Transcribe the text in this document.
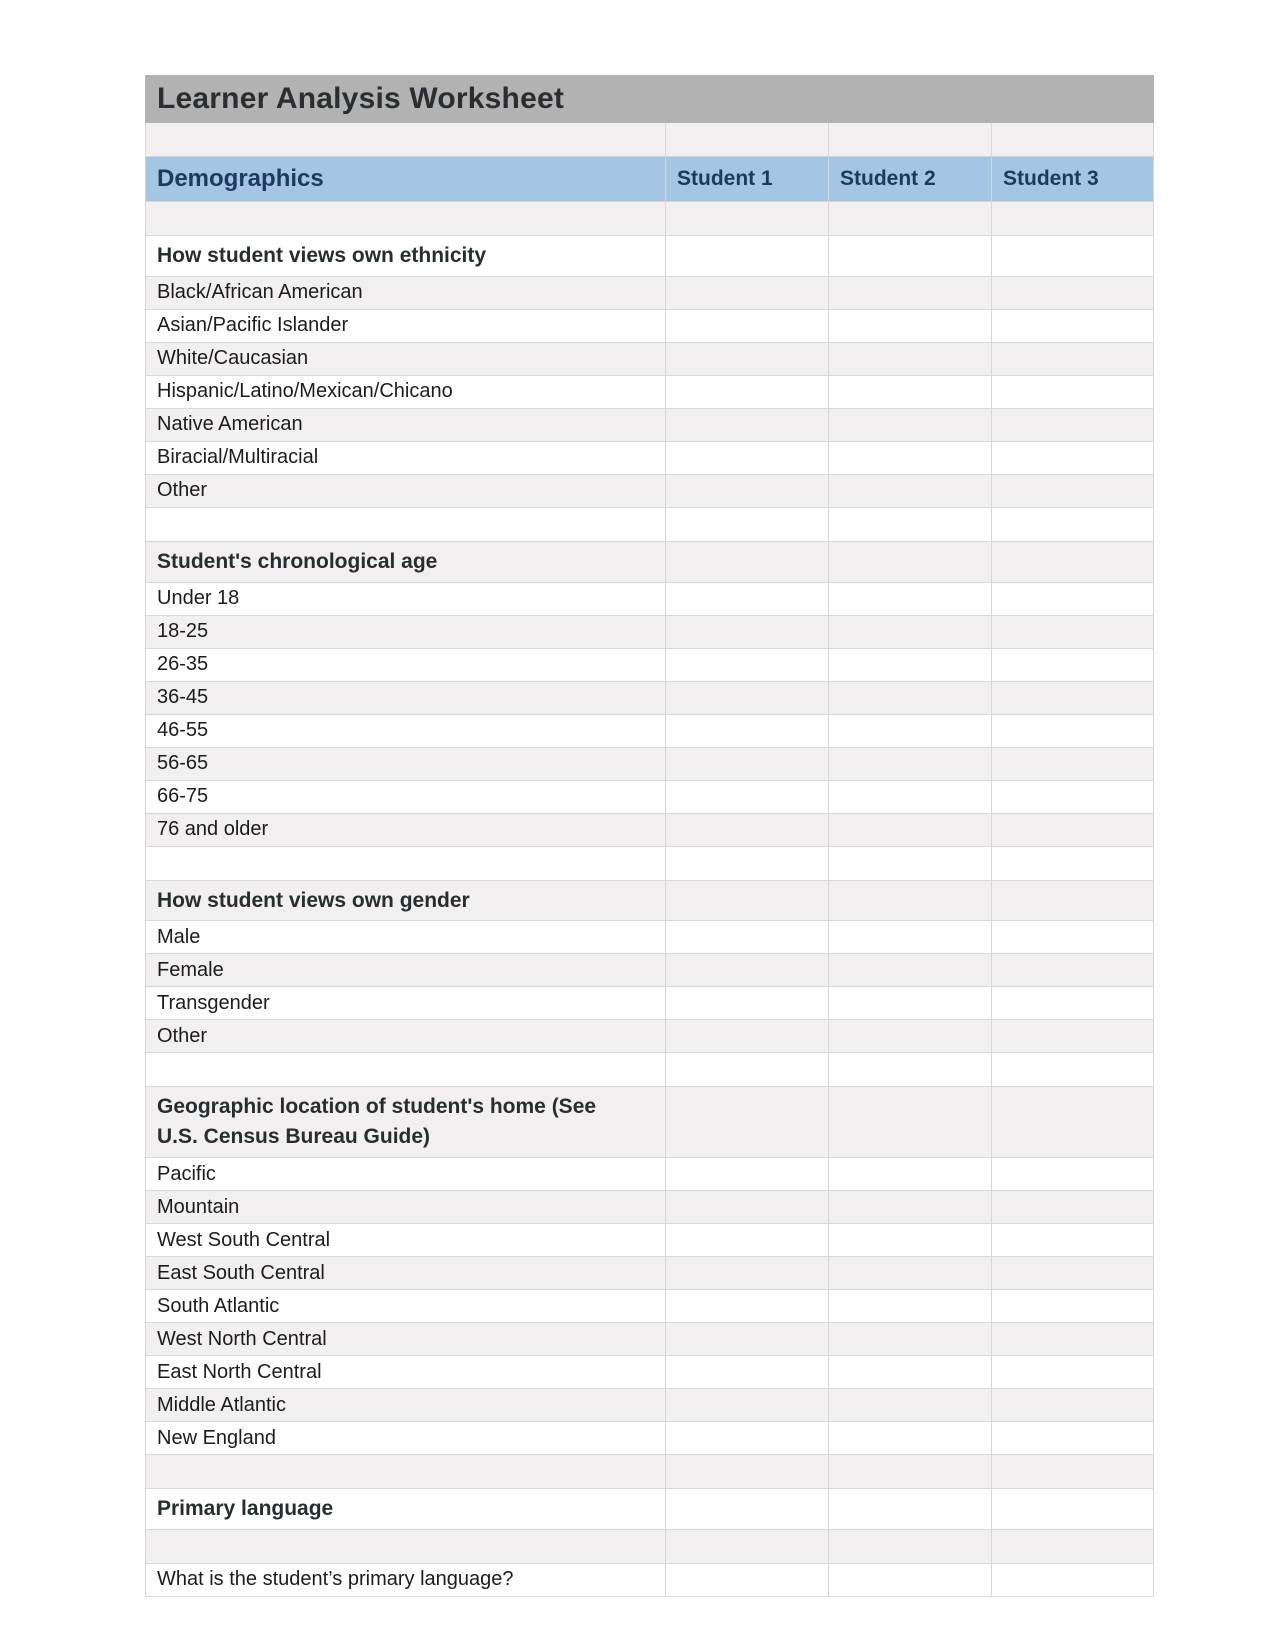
Learner Analysis Worksheet			

Demographics	Student 1	Student 2	Student 3

How student views own ethnicity			

Black/African American			

Asian/Pacific Islander			

White/Caucasian			

Hispanic/Latino/Mexican/Chicano			

Native American			

Biracial/Multiracial			

Other			

Student's chronological age			

Under 18			

18-25			

26-35			

36-45			

46-55			

56-65			

66-75			

76 and older			

How student views own gender			

Male			

Female			

Transgender			

Other			

Geographic location of student's home (See U.S. Census Bureau Guide)			

Pacific			

Mountain			

West South Central			

East South Central			

South Atlantic			

West North Central			

East North Central			

Middle Atlantic			

New England			

Primary language			

What is the student’s primary language?			
